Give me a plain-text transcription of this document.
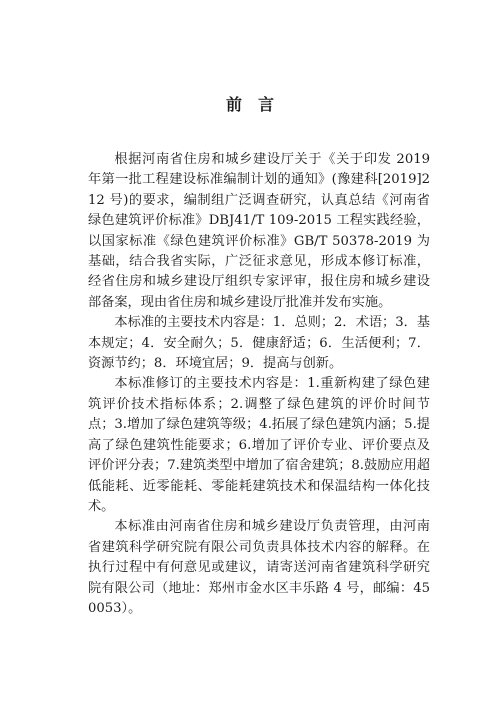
前 言

根据河南省住房和城乡建设厅关于《关于印发 2019 年第一批工程建设标准编制计划的通知》(豫建科[2019]212 号)的要求，编制组广泛调查研究，认真总结《河南省绿色建筑评价标准》DBJ41/T 109-2015 工程实践经验，以国家标准《绿色建筑评价标准》GB/T 50378-2019 为基础，结合我省实际，广泛征求意见，形成本修订标准，经省住房和城乡建设厅组织专家评审，报住房和城乡建设部备案，现由省住房和城乡建设厅批准并发布实施。

本标准的主要技术内容是：1．总则；2．术语；3．基本规定；4．安全耐久；5．健康舒适；6．生活便利；7．资源节约；8．环境宜居；9．提高与创新。

本标准修订的主要技术内容是：1.重新构建了绿色建筑评价技术指标体系；2.调整了绿色建筑的评价时间节点；3.增加了绿色建筑等级；4.拓展了绿色建筑内涵；5.提高了绿色建筑性能要求；6.增加了评价专业、评价要点及评价评分表；7.建筑类型中增加了宿舍建筑；8.鼓励应用超低能耗、近零能耗、零能耗建筑技术和保温结构一体化技术。

本标准由河南省住房和城乡建设厅负责管理，由河南省建筑科学研究院有限公司负责具体技术内容的解释。在执行过程中有何意见或建议，请寄送河南省建筑科学研究院有限公司（地址：郑州市金水区丰乐路 4 号，邮编：450053）。
